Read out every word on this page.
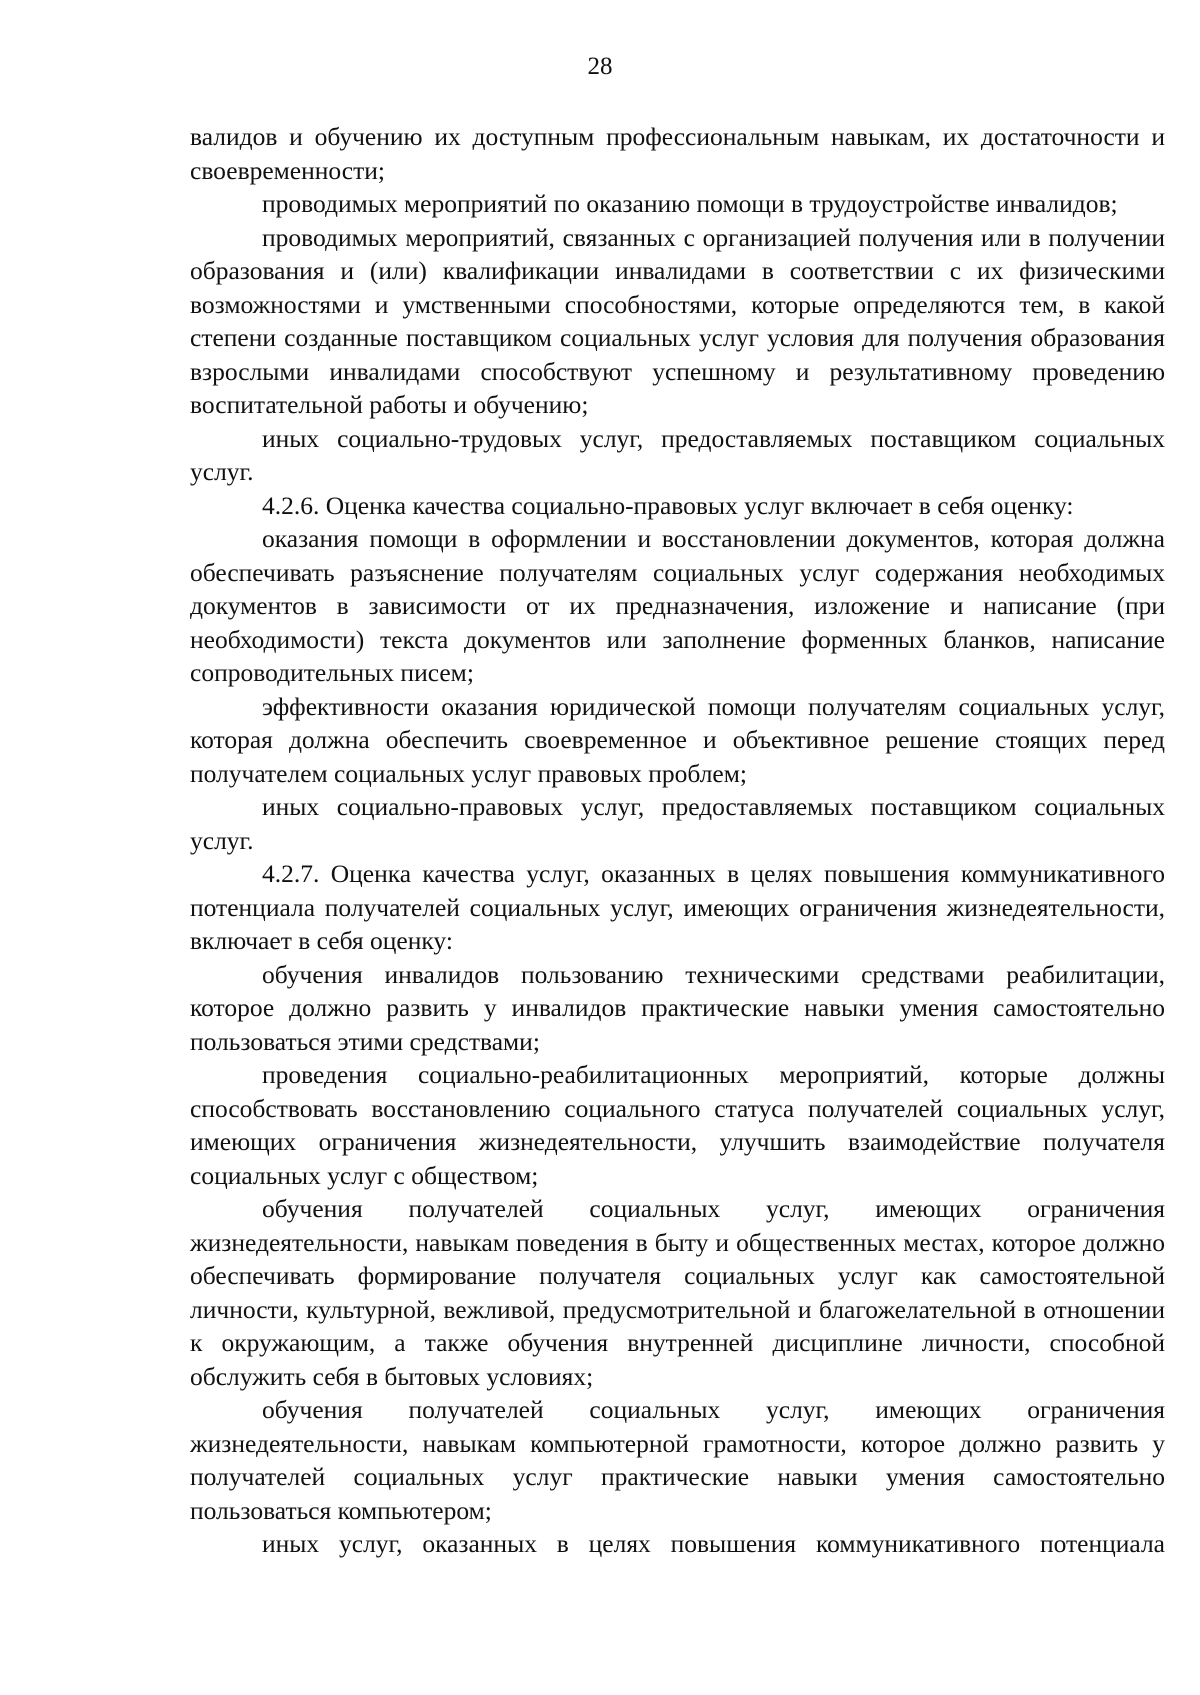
28

валидов и обучению их доступным профессиональным навыкам, их достаточности и своевременности;

проводимых мероприятий по оказанию помощи в трудоустройстве инвалидов;

проводимых мероприятий, связанных с организацией получения или в получении образования и (или) квалификации инвалидами в соответствии с их физическими возможностями и умственными способностями, которые определяются тем, в какой степени созданные поставщиком социальных услуг условия для получения образования взрослыми инвалидами способствуют успешному и результативному проведению воспитательной работы и обучению;

иных социально-трудовых услуг, предоставляемых поставщиком социальных услуг.

4.2.6. Оценка качества социально-правовых услуг включает в себя оценку:

оказания помощи в оформлении и восстановлении документов, которая должна обеспечивать разъяснение получателям социальных услуг содержания необходимых документов в зависимости от их предназначения, изложение и написание (при необходимости) текста документов или заполнение форменных бланков, написание сопроводительных писем;

эффективности оказания юридической помощи получателям социальных услуг, которая должна обеспечить своевременное и объективное решение стоящих перед получателем социальных услуг правовых проблем;

иных социально-правовых услуг, предоставляемых поставщиком социальных услуг.

4.2.7. Оценка качества услуг, оказанных в целях повышения коммуникативного потенциала получателей социальных услуг, имеющих ограничения жизнедеятельности, включает в себя оценку:

обучения инвалидов пользованию техническими средствами реабилитации, которое должно развить у инвалидов практические навыки умения самостоятельно пользоваться этими средствами;

проведения социально-реабилитационных мероприятий, которые должны способствовать восстановлению социального статуса получателей социальных услуг, имеющих ограничения жизнедеятельности, улучшить взаимодействие получателя социальных услуг с обществом;

обучения получателей социальных услуг, имеющих ограничения жизнедеятельности, навыкам поведения в быту и общественных местах, которое должно обеспечивать формирование получателя социальных услуг как самостоятельной личности, культурной, вежливой, предусмотрительной и благожелательной в отношении к окружающим, а также обучения внутренней дисциплине личности, способной обслужить себя в бытовых условиях;

обучения получателей социальных услуг, имеющих ограничения жизнедеятельности, навыкам компьютерной грамотности, которое должно развить у получателей социальных услуг практические навыки умения самостоятельно пользоваться компьютером;

иных услуг, оказанных в целях повышения коммуникативного потенциала
